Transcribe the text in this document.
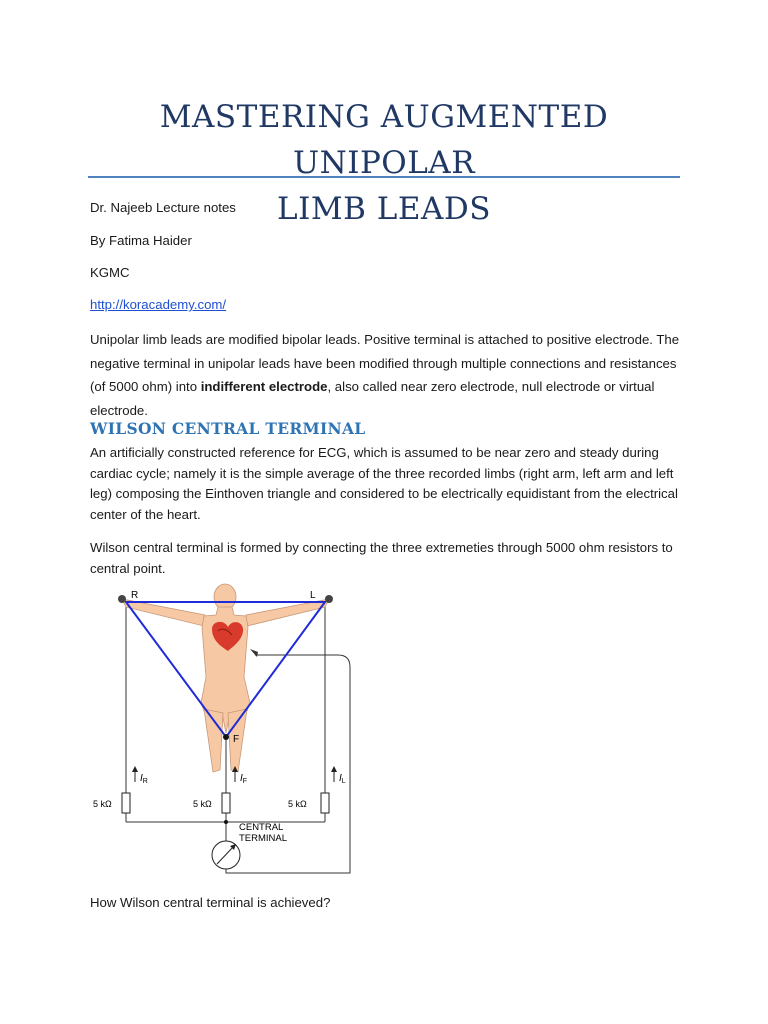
MASTERING AUGMENTED UNIPOLAR
LIMB LEADS

Dr. Najeeb Lecture notes

By Fatima Haider

KGMC

http://koracademy.com/

Unipolar limb leads are modified bipolar leads. Positive terminal is attached to positive electrode. The negative terminal in unipolar leads have been modified through multiple connections and resistances (of 5000 ohm) into indifferent electrode, also called near zero electrode, null electrode or virtual electrode.

WILSON CENTRAL TERMINAL

An artificially constructed reference for ECG, which is assumed to be near zero and steady during cardiac cycle; namely it is the simple average of the three recorded limbs (right arm, left arm and left leg) composing the Einthoven triangle and considered to be electrically equidistant from the electrical center of the heart.

Wilson central terminal is formed by connecting the three extremeties through 5000 ohm resistors to central point.

R	L
F
$I_R$	$I_F$	$I_L$
5 kΩ	5 kΩ	5 kΩ
CENTRAL
TERMINAL

How Wilson central terminal is achieved?
